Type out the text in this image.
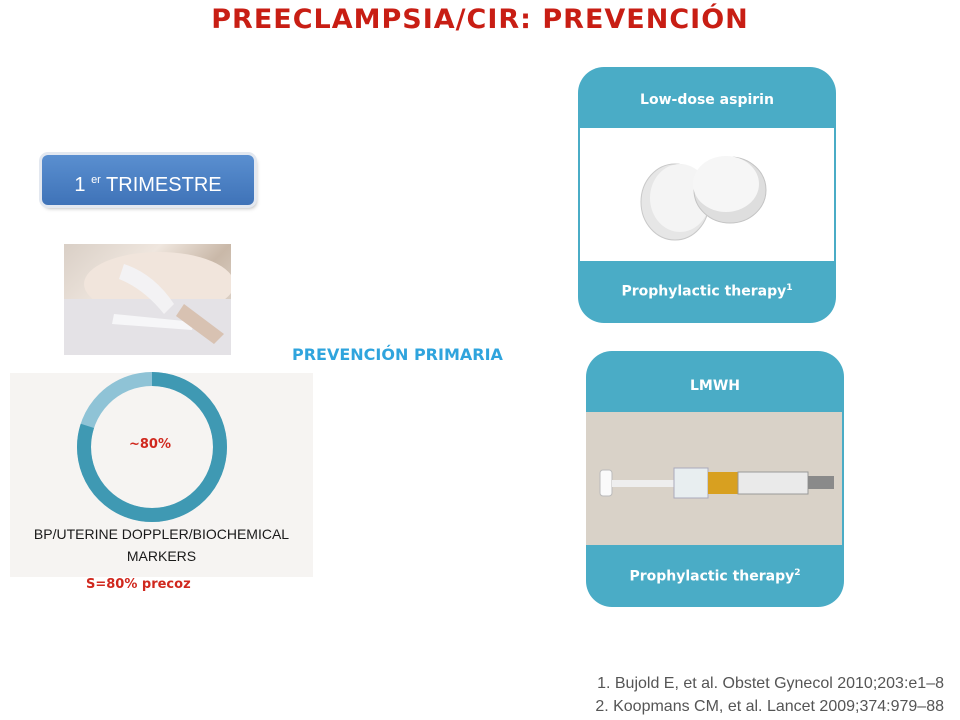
PREECLAMPSIA/CIR: PREVENCIÓN
1 $^{er}$ TRIMESTRE
PREVENCIÓN PRIMARIA
~80%
BP/UTERINE DOPPLER/BIOCHEMICAL
MARKERS
S=80% precoz
Low-dose aspirin
Prophylactic therapy$^1$
LMWH
Prophylactic therapy$^2$
1. Bujold E, et al. Obstet Gynecol 2010;203:e1–8
2. Koopmans CM, et al. Lancet 2009;374:979–88
